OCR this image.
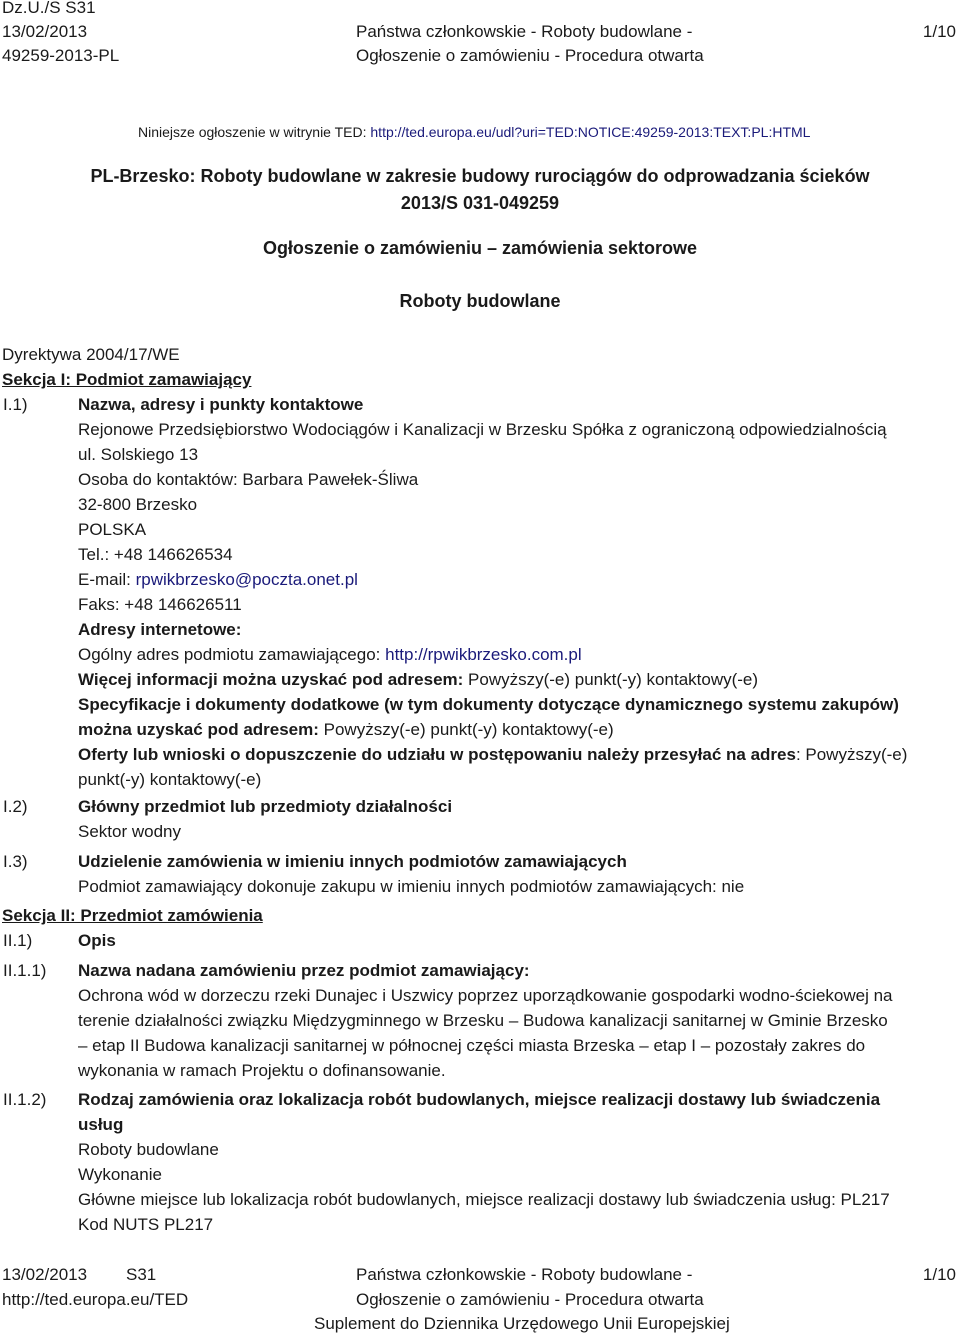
Dz.U./S S31
13/02/2013
49259-2013-PL
Państwa członkowskie - Roboty budowlane -
Ogłoszenie o zamówieniu - Procedura otwarta
1/10
Niniejsze ogłoszenie w witrynie TED: http://ted.europa.eu/udl?uri=TED:NOTICE:49259-2013:TEXT:PL:HTML
PL-Brzesko: Roboty budowlane w zakresie budowy rurociągów do odprowadzania ścieków
2013/S 031-049259
Ogłoszenie o zamówieniu – zamówienia sektorowe
Roboty budowlane
Dyrektywa 2004/17/WE
Sekcja I: Podmiot zamawiający
I.1)	Nazwa, adresy i punkty kontaktowe
Rejonowe Przedsiębiorstwo Wodociągów i Kanalizacji w Brzesku Spółka z ograniczoną odpowiedzialnością
ul. Solskiego 13
Osoba do kontaktów: Barbara Pawełek-Śliwa
32-800 Brzesko
POLSKA
Tel.: +48 146626534
E-mail: rpwikbrzesko@poczta.onet.pl
Faks: +48 146626511
Adresy internetowe:
Ogólny adres podmiotu zamawiającego: http://rpwikbrzesko.com.pl
Więcej informacji można uzyskać pod adresem: Powyższy(-e) punkt(-y) kontaktowy(-e)
Specyfikacje i dokumenty dodatkowe (w tym dokumenty dotyczące dynamicznego systemu zakupów)
można uzyskać pod adresem: Powyższy(-e) punkt(-y) kontaktowy(-e)
Oferty lub wnioski o dopuszczenie do udziału w postępowaniu należy przesyłać na adres: Powyższy(-e)
punkt(-y) kontaktowy(-e)
I.2)	Główny przedmiot lub przedmioty działalności
Sektor wodny
I.3)	Udzielenie zamówienia w imieniu innych podmiotów zamawiających
Podmiot zamawiający dokonuje zakupu w imieniu innych podmiotów zamawiających: nie
Sekcja II: Przedmiot zamówienia
II.1)	Opis
II.1.1) Nazwa nadana zamówieniu przez podmiot zamawiający:
Ochrona wód w dorzeczu rzeki Dunajec i Uszwicy poprzez uporządkowanie gospodarki wodno-ściekowej na
terenie działalności związku Międzygminnego w Brzesku – Budowa kanalizacji sanitarnej w Gminie Brzesko
– etap II Budowa kanalizacji sanitarnej w północnej części miasta Brzeska – etap I – pozostały zakres do
wykonania w ramach Projektu o dofinansowanie.
II.1.2) Rodzaj zamówienia oraz lokalizacja robót budowlanych, miejsce realizacji dostawy lub świadczenia
usług
Roboty budowlane
Wykonanie
Główne miejsce lub lokalizacja robót budowlanych, miejsce realizacji dostawy lub świadczenia usług: PL217
Kod NUTS PL217
13/02/2013 S31
http://ted.europa.eu/TED
Państwa członkowskie - Roboty budowlane -
Ogłoszenie o zamówieniu - Procedura otwarta
Suplement do Dziennika Urzędowego Unii Europejskiej
1/10
